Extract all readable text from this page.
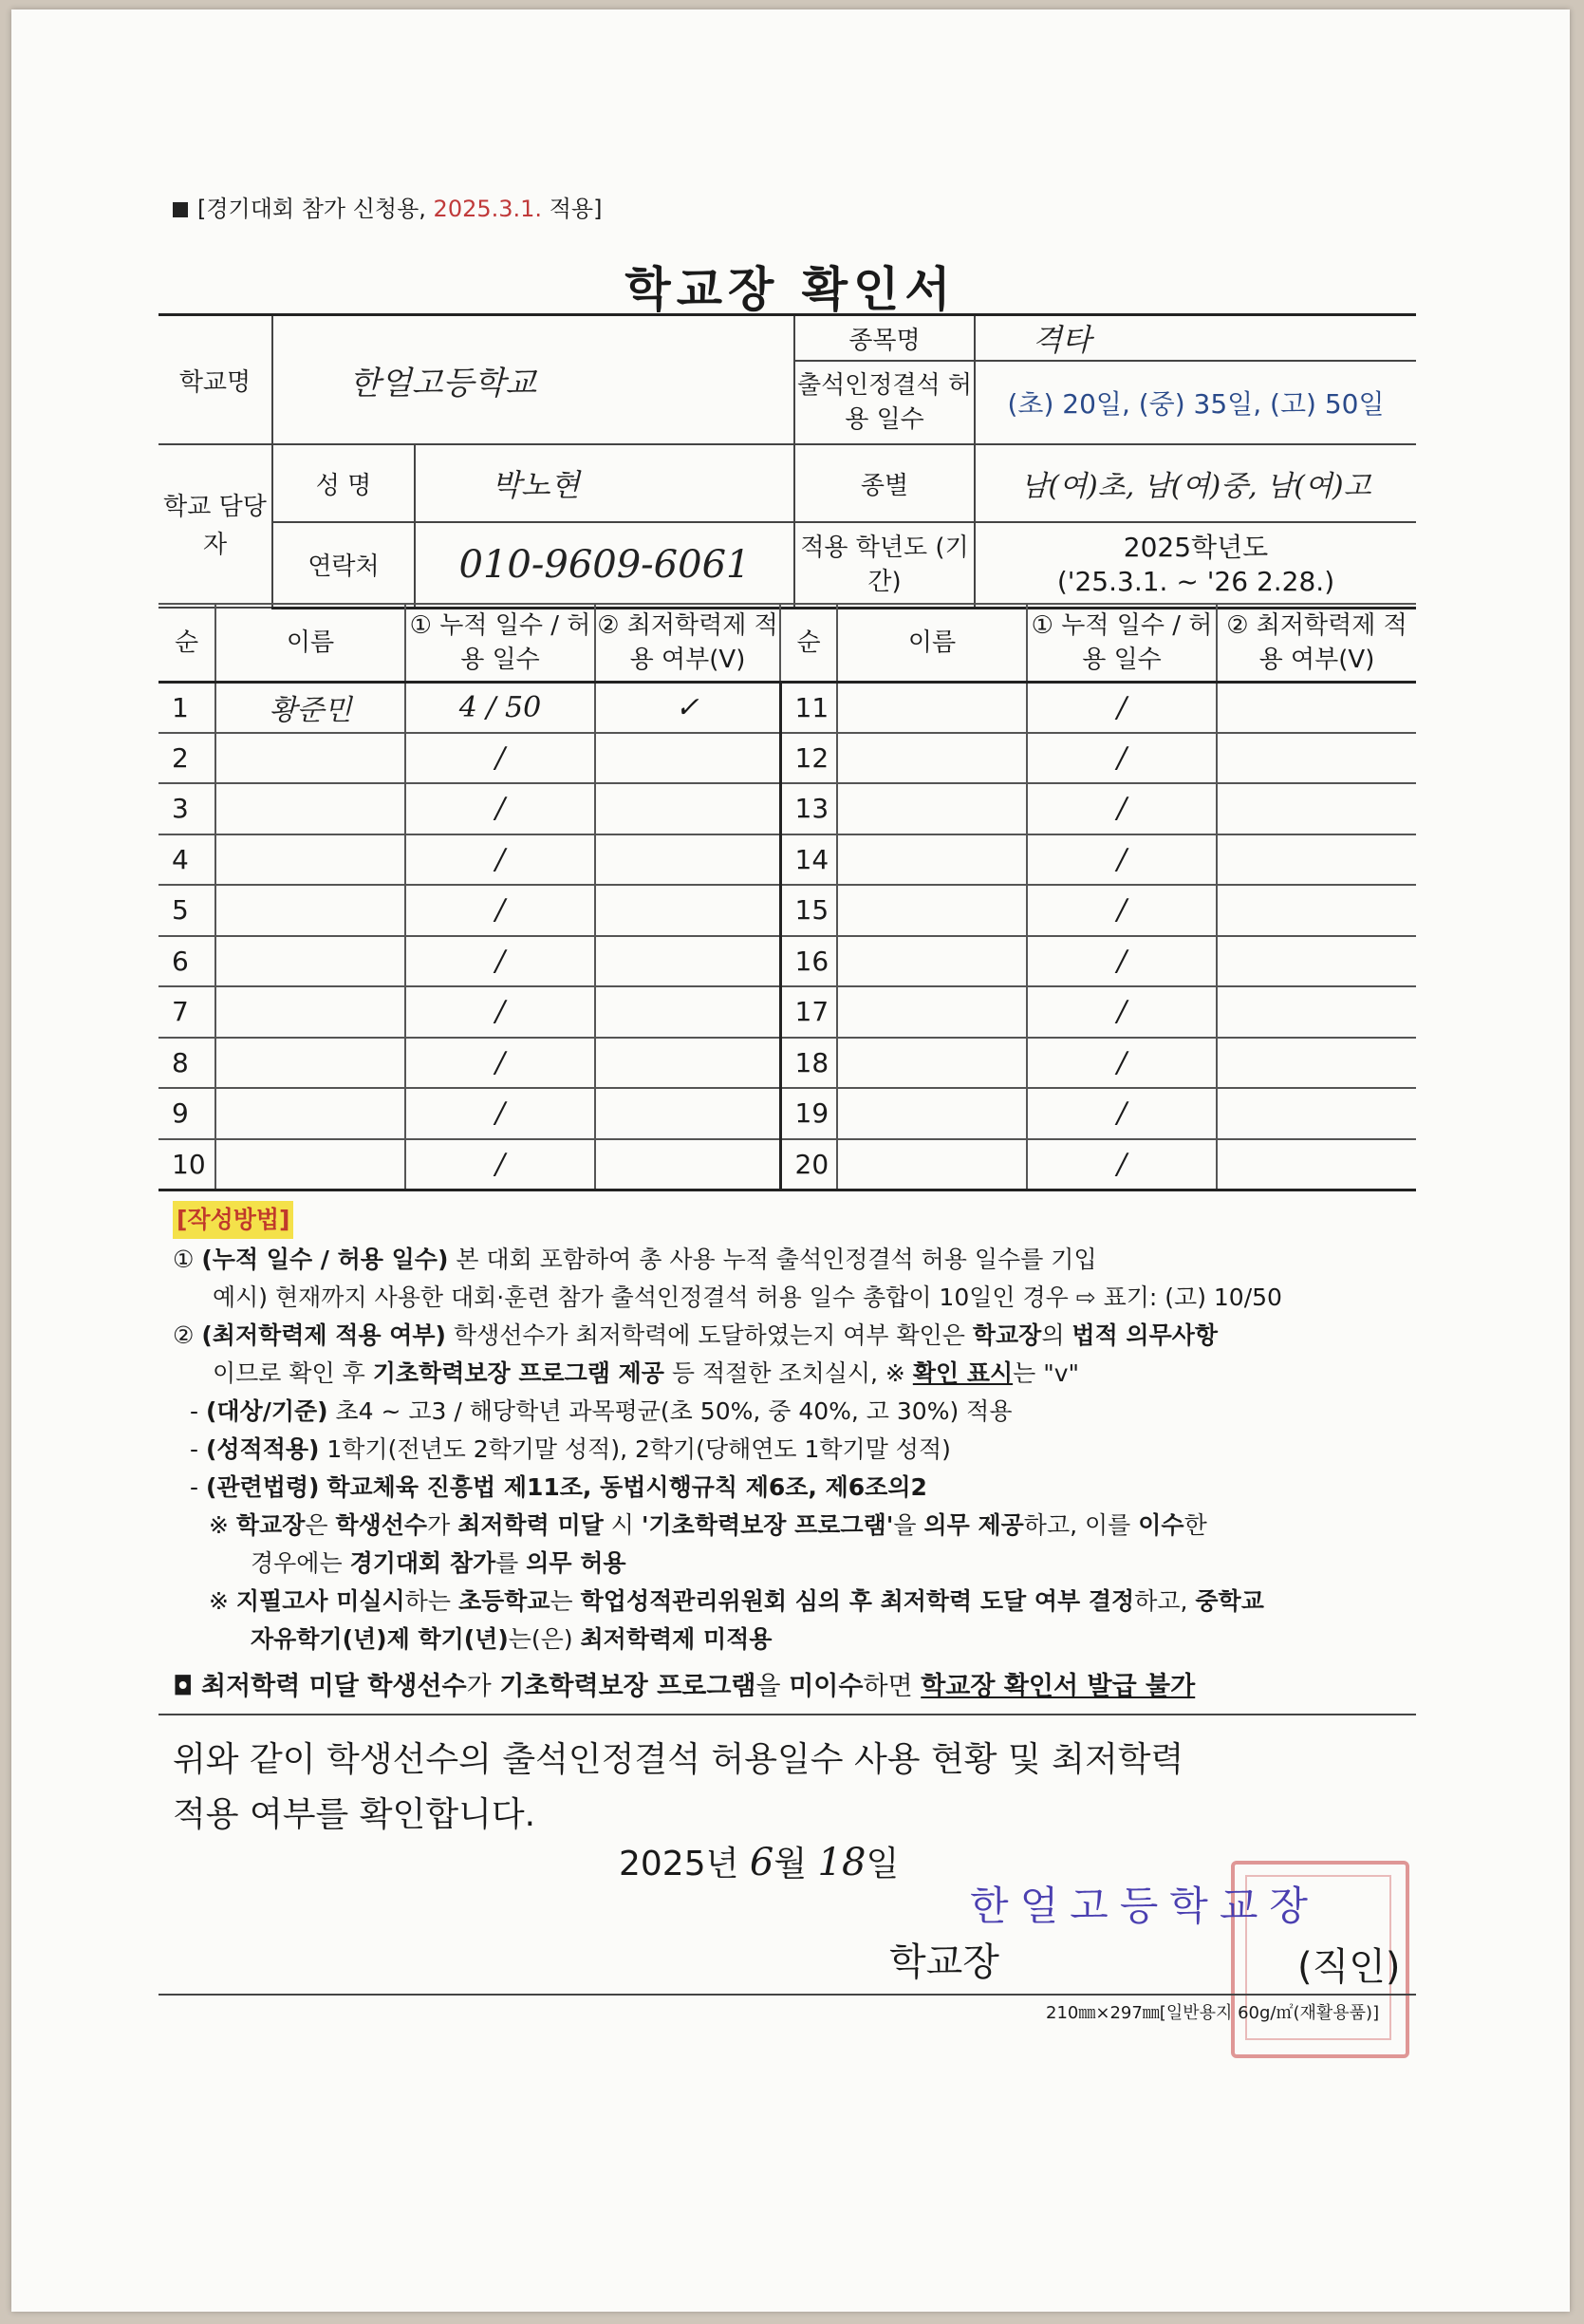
[경기대회 참가 신청용, 2025.3.1. 적용]
학교장 확인서
학교명	한얼고등학교		종목명	격타
			출석인정결석 허용 일수	(초) 20일, (중) 35일, (고) 50일
학교 담당자	성 명	박노현	종별	남(여)초, 남(여)중, 남(여)고
	연락처	010-9609-6061	적용 학년도 (기간)	2025학년도
('25.3.1. ~ '26 2.28.)
순	이름	① 누적 일수 / 허용 일수	② 최저학력제 적용 여부(V)	순	이름	① 누적 일수 / 허용 일수	② 최저학력제 적용 여부(V)
1	황준민	4 / 50	✓	11		/	
2		/		12		/	
3		/		13		/	
4		/		14		/	
5		/		15		/	
6		/		16		/	
7		/		17		/	
8		/		18		/	
9		/		19		/	
10		/		20		/	
[작성방법]
① (누적 일수 / 허용 일수) 본 대회 포함하여 총 사용 누적 출석인정결석 허용 일수를 기입
예시) 현재까지 사용한 대회·훈련 참가 출석인정결석 허용 일수 총합이 10일인 경우 ⇨ 표기: (고) 10/50
② (최저학력제 적용 여부) 학생선수가 최저학력에 도달하였는지 여부 확인은 학교장의 법적 의무사항
이므로 확인 후 기초학력보장 프로그램 제공 등 적절한 조치실시, ※ 확인 표시는 "v"
- (대상/기준) 초4 ~ 고3 / 해당학년 과목평균(초 50%, 중 40%, 고 30%) 적용
- (성적적용) 1학기(전년도 2학기말 성적), 2학기(당해연도 1학기말 성적)
- (관련법령) 학교체육 진흥법 제11조, 동법시행규칙 제6조, 제6조의2
※ 학교장은 학생선수가 최저학력 미달 시 '기초학력보장 프로그램'을 의무 제공하고, 이를 이수한
경우에는 경기대회 참가를 의무 허용
※ 지필고사 미실시하는 초등학교는 학업성적관리위원회 심의 후 최저학력 도달 여부 결정하고, 중학교
자유학기(년)제 학기(년)는(은) 최저학력제 미적용
◘ 최저학력 미달 학생선수가 기초학력보장 프로그램을 미이수하면 학교장 확인서 발급 불가
위와 같이 학생선수의 출석인정결석 허용일수 사용 현황 및 최저학력
적용 여부를 확인합니다.
2025년 6월 18일
한얼고등학교장
학교장	(직인)
210㎜×297㎜[일반용지 60g/㎡(재활용품)]
